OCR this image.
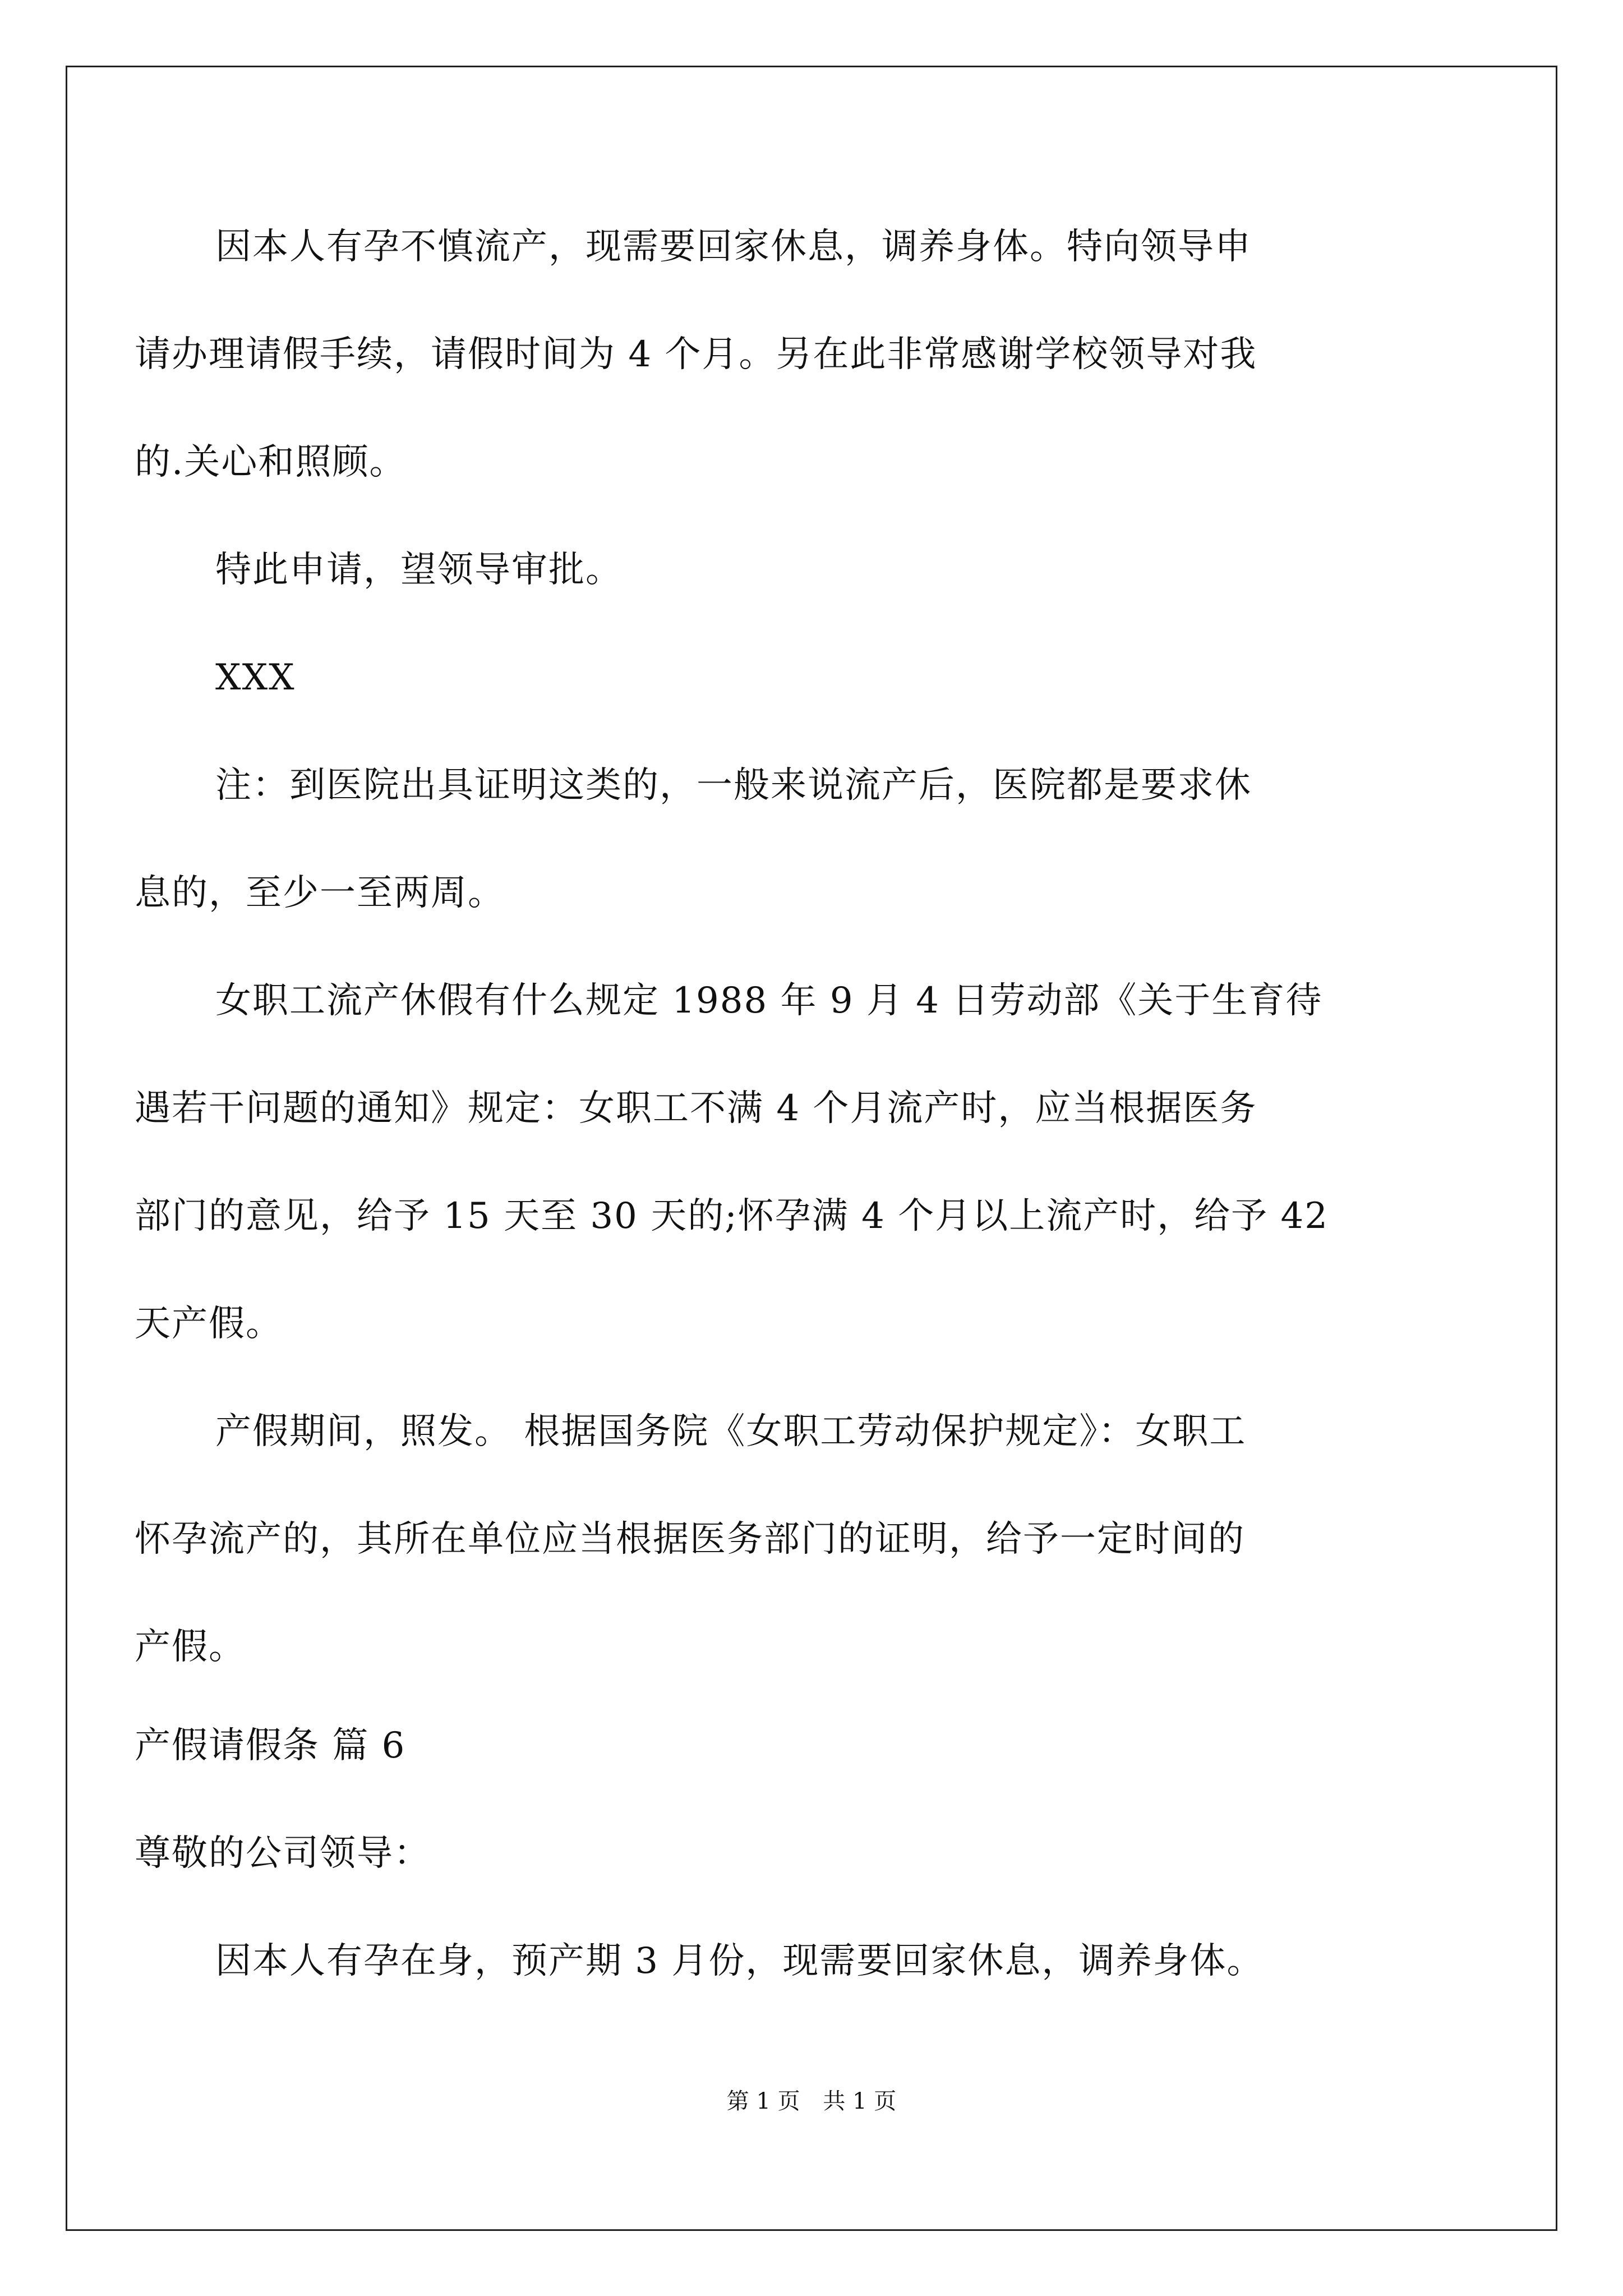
因本人有孕不慎流产，现需要回家休息，调养身体。特向领导申
请办理请假手续，请假时间为 4 个月。另在此非常感谢学校领导对我
的.关心和照顾。
特此申请，望领导审批。
XXX
注：到医院出具证明这类的，一般来说流产后，医院都是要求休
息的，至少一至两周。
女职工流产休假有什么规定 1988 年 9 月 4 日劳动部《关于生育待
遇若干问题的通知》规定：女职工不满 4 个月流产时，应当根据医务
部门的意见，给予 15 天至 30 天的;怀孕满 4 个月以上流产时，给予 42
天产假。
产假期间，照发。 根据国务院《女职工劳动保护规定》：女职工
怀孕流产的，其所在单位应当根据医务部门的证明，给予一定时间的
产假。
产假请假条 篇 6
尊敬的公司领导：
因本人有孕在身，预产期 3 月份，现需要回家休息，调养身体。
第 1 页 共 1 页
